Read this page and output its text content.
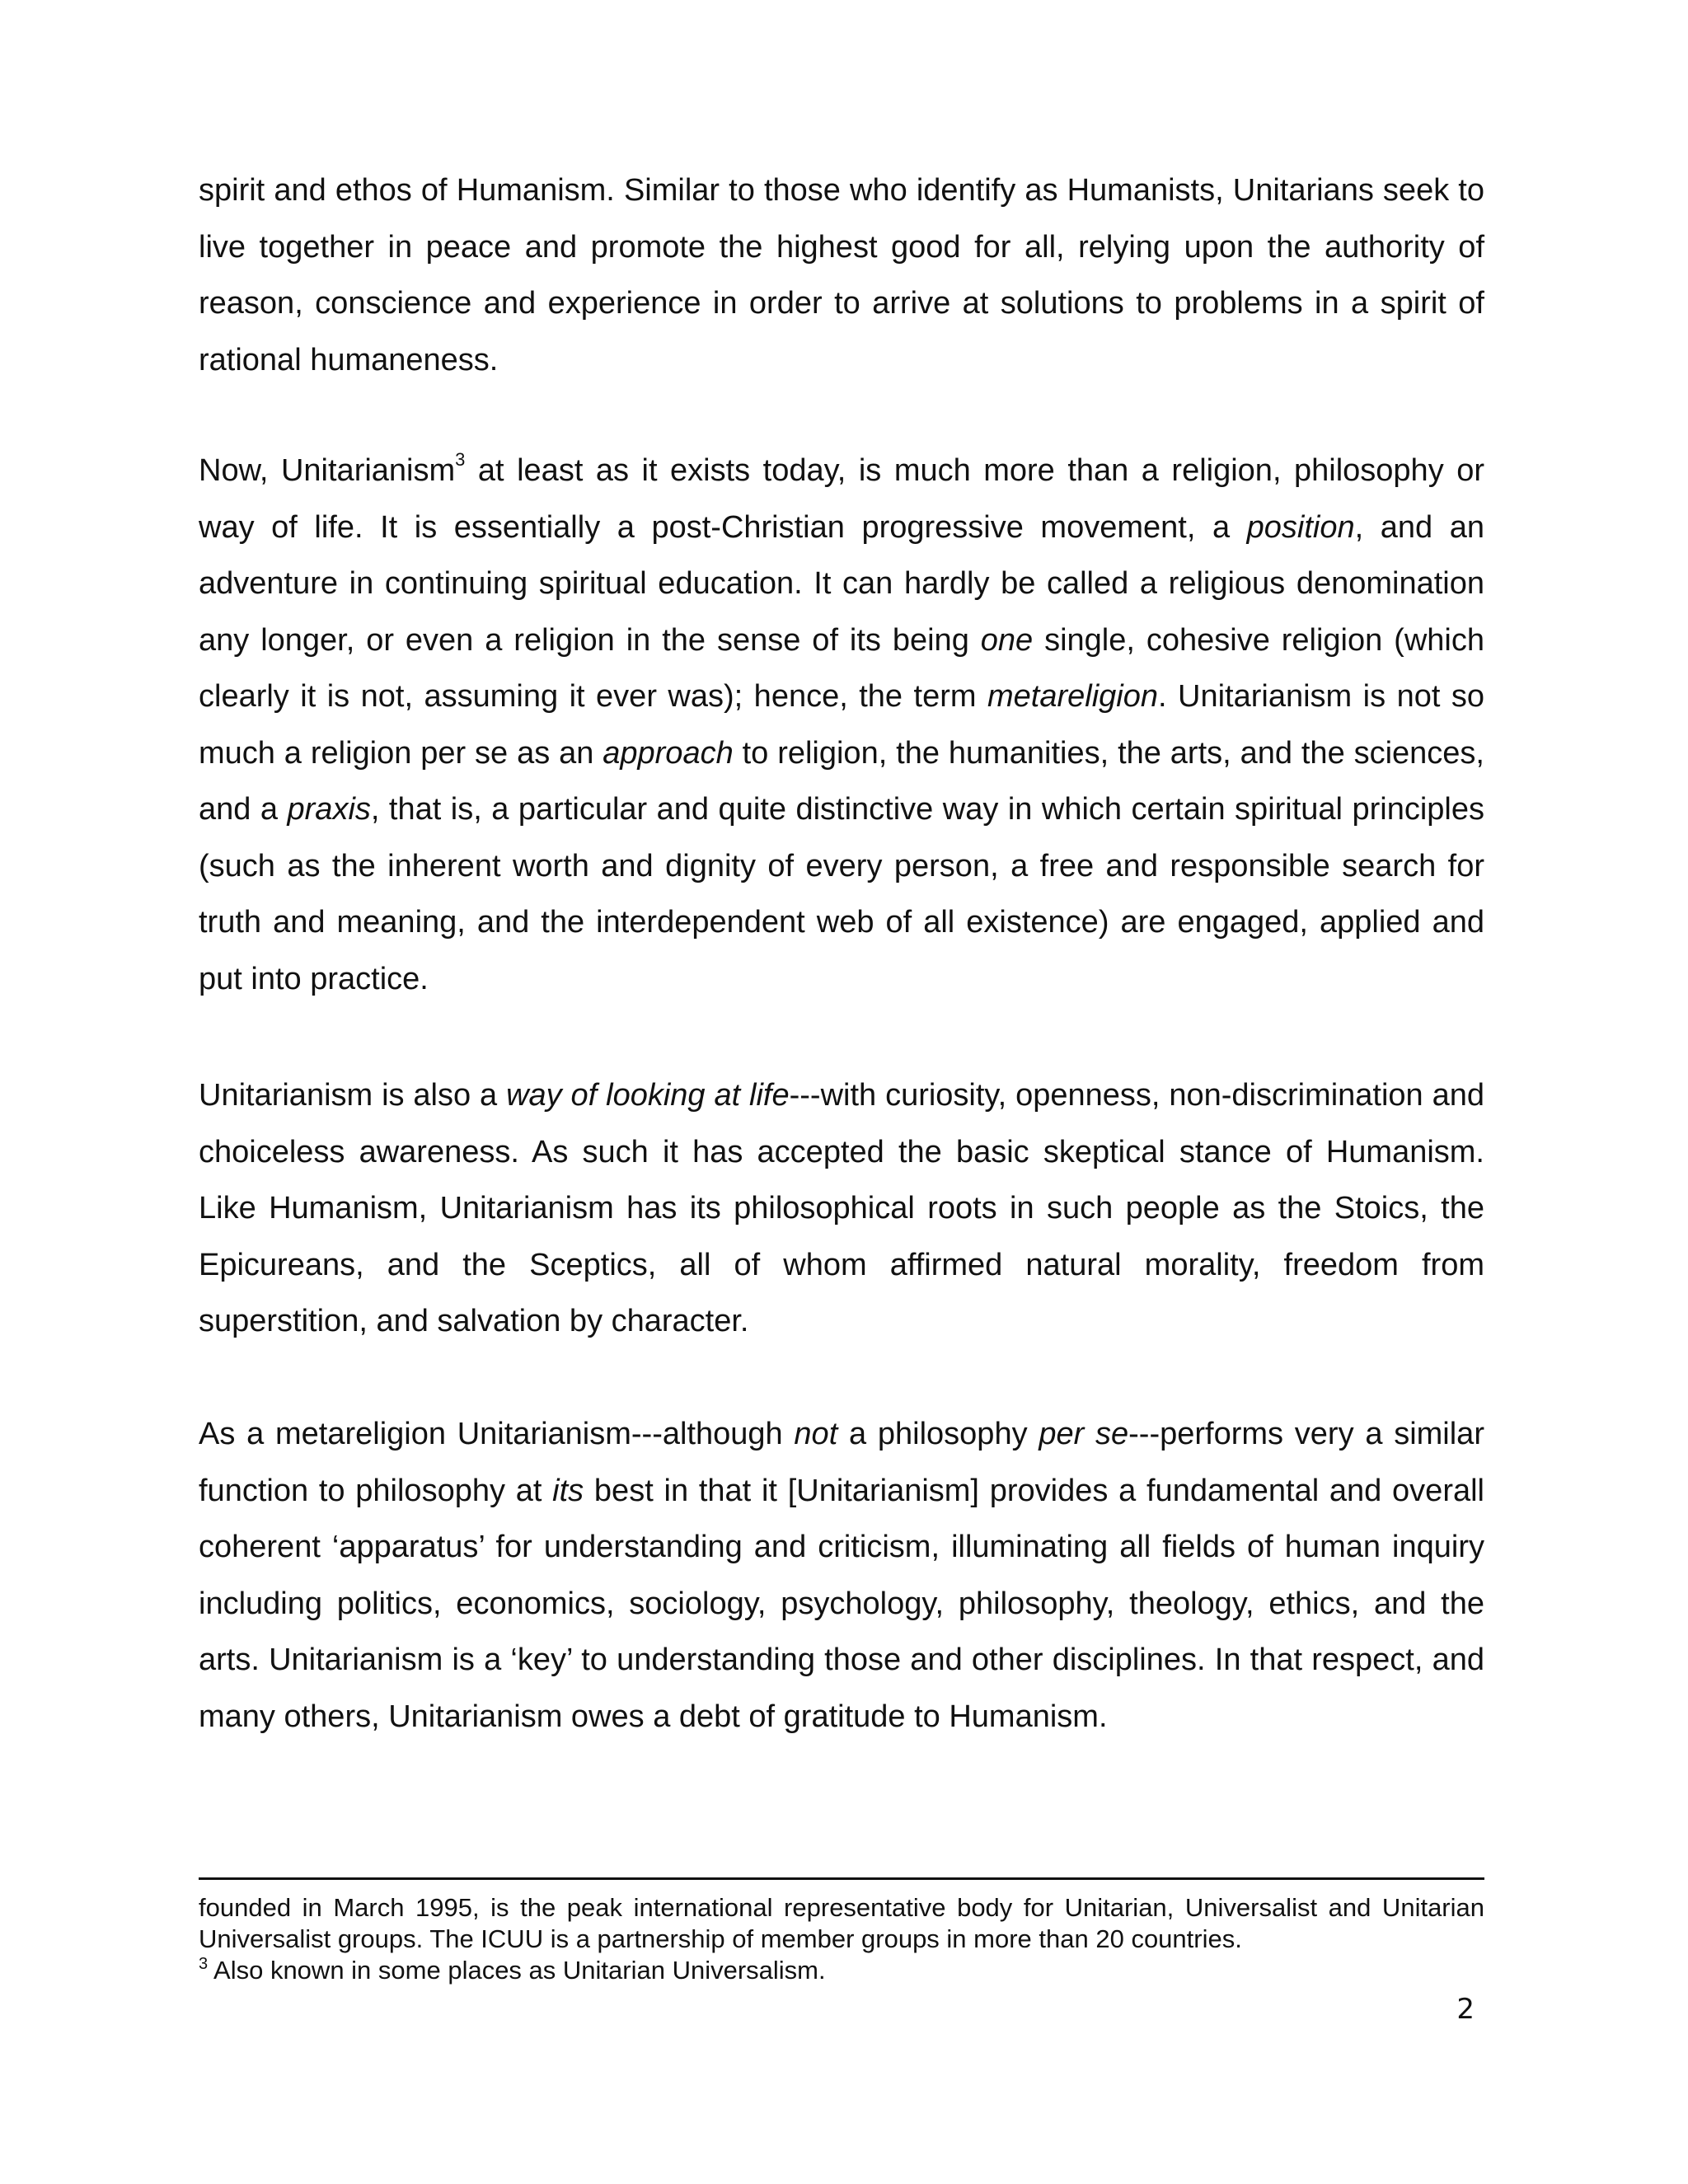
spirit and ethos of Humanism. Similar to those who identify as Humanists, Unitarians seek to live together in peace and promote the highest good for all, relying upon the authority of reason, conscience and experience in order to arrive at solutions to problems in a spirit of rational humaneness.

Now, Unitarianism$^3$ at least as it exists today, is much more than a religion, philosophy or way of life. It is essentially a post-Christian progressive movement, a position, and an adventure in continuing spiritual education. It can hardly be called a religious denomination any longer, or even a religion in the sense of its being one single, cohesive religion (which clearly it is not, assuming it ever was); hence, the term metareligion. Unitarianism is not so much a religion per se as an approach to religion, the humanities, the arts, and the sciences, and a praxis, that is, a particular and quite distinctive way in which certain spiritual principles (such as the inherent worth and dignity of every person, a free and responsible search for truth and meaning, and the interdependent web of all existence) are engaged, applied and put into practice.

Unitarianism is also a way of looking at life---with curiosity, openness, non-discrimination and choiceless awareness. As such it has accepted the basic skeptical stance of Humanism. Like Humanism, Unitarianism has its philosophical roots in such people as the Stoics, the Epicureans, and the Sceptics, all of whom affirmed natural morality, freedom from superstition, and salvation by character.

As a metareligion Unitarianism---although not a philosophy per se---performs very a similar function to philosophy at its best in that it [Unitarianism] provides a fundamental and overall coherent ‘apparatus’ for understanding and criticism, illuminating all fields of human inquiry including politics, economics, sociology, psychology, philosophy, theology, ethics, and the arts. Unitarianism is a ‘key’ to understanding those and other disciplines. In that respect, and many others, Unitarianism owes a debt of gratitude to Humanism.

founded in March 1995, is the peak international representative body for Unitarian, Universalist and Unitarian Universalist groups. The ICUU is a partnership of member groups in more than 20 countries.

$^3$ Also known in some places as Unitarian Universalism.

2
